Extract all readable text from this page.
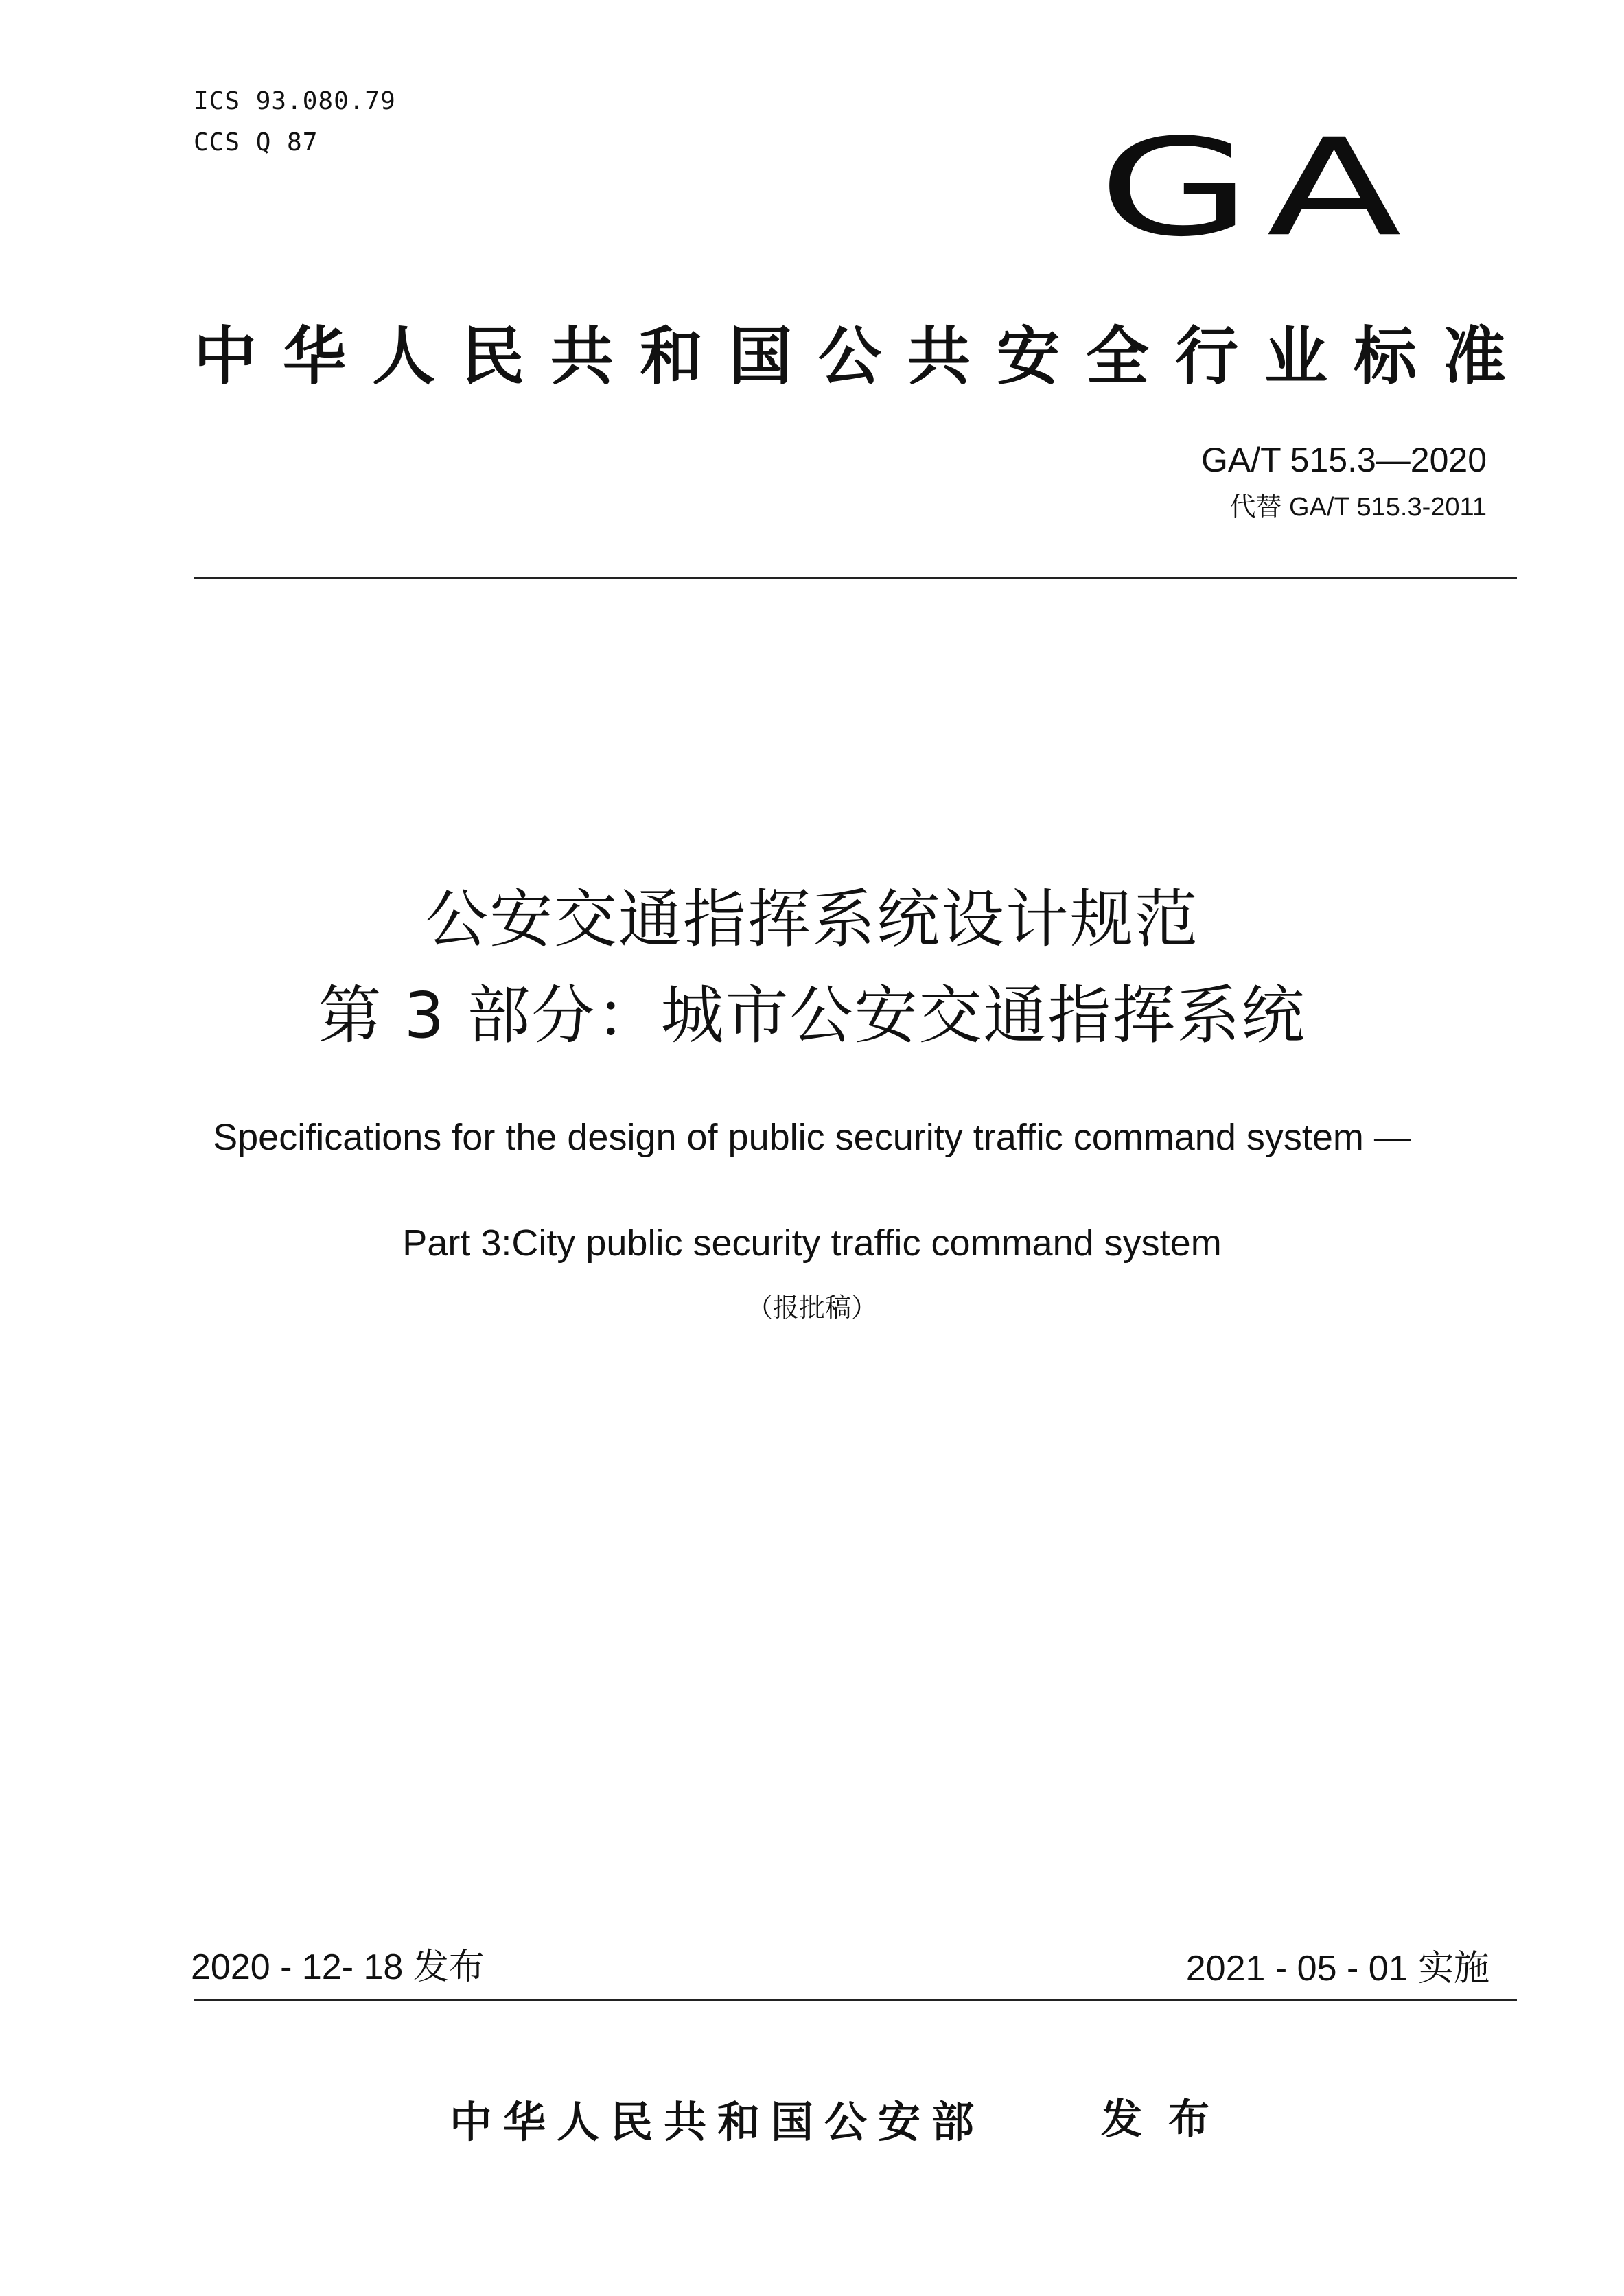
ICS 93.080.79
CCS Q 87	GA
中华人民共和国公共安全行业标准
GA/T 515.3—2020
代替 GA/T 515.3-2011
公安交通指挥系统设计规范
第 3 部分：城市公安交通指挥系统
Specifications for the design of public security traffic command system —
Part 3:City public security traffic command system
（报批稿）
2020 - 12- 18 发布	2021 - 05 - 01 实施
中华人民共和国公安部	发布
